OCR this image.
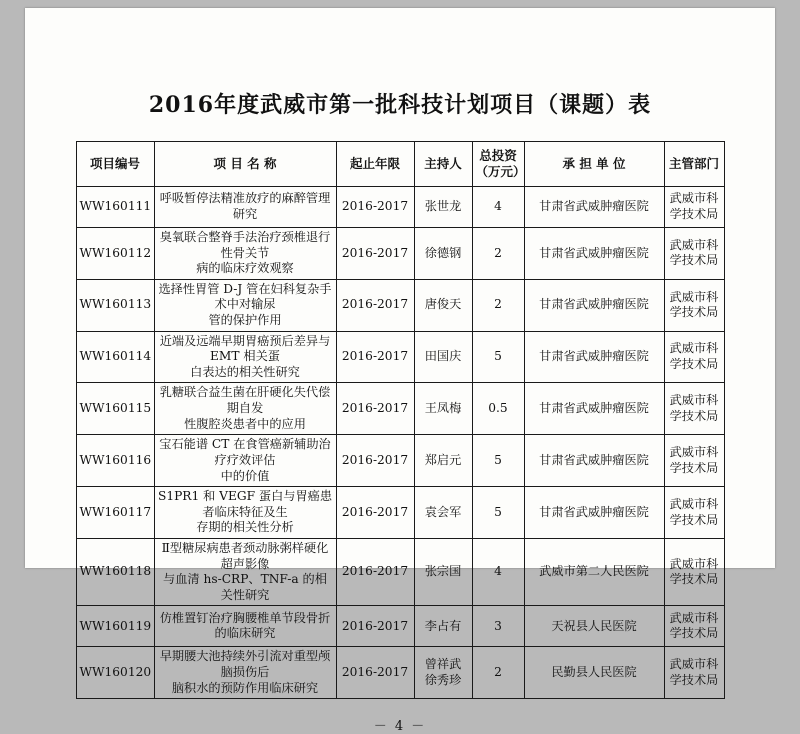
2016年度武威市第一批科技计划项目（课题）表
项目编号	项 目 名 称	起止年限	主持人	总投资
（万元）	承 担 单 位	主管部门
WW160111	呼吸暂停法精准放疗的麻醉管理研究	2016-2017	张世龙	4	甘肃省武威肿瘤医院	武威市科
学技术局

WW160112	臭氧联合整脊手法治疗颈椎退行性骨关节
病的临床疗效观察	2016-2017	徐德钢	2	甘肃省武威肿瘤医院	武威市科
学技术局

WW160113	选择性胃管 D-J 管在妇科复杂手术中对输尿
管的保护作用	2016-2017	唐俊天	2	甘肃省武威肿瘤医院	武威市科
学技术局

WW160114	近端及远端早期胃癌预后差异与 EMT 相关蛋
白表达的相关性研究	2016-2017	田国庆	5	甘肃省武威肿瘤医院	武威市科
学技术局

WW160115	乳糖联合益生菌在肝硬化失代偿期自发
性腹腔炎患者中的应用	2016-2017	王凤梅	0.5	甘肃省武威肿瘤医院	武威市科
学技术局

WW160116	宝石能谱 CT 在食管癌新辅助治疗疗效评估
中的价值	2016-2017	郑启元	5	甘肃省武威肿瘤医院	武威市科
学技术局

WW160117	S1PR1 和 VEGF 蛋白与胃癌患者临床特征及生
存期的相关性分析	2016-2017	袁会军	5	甘肃省武威肿瘤医院	武威市科
学技术局

WW160118	Ⅱ型糖尿病患者颈动脉粥样硬化超声影像
与血清 hs-CRP、TNF-a 的相关性研究	2016-2017	张宗国	4	武威市第二人民医院	武威市科
学技术局

WW160119	仿椎置钉治疗胸腰椎单节段骨折的临床研究	2016-2017	李占有	3	天祝县人民医院	武威市科
学技术局

WW160120	早期腰大池持续外引流对重型颅脑损伤后
脑积水的预防作用临床研究	2016-2017	曾祥武
徐秀珍	2	民勤县人民医院	武威市科
学技术局
－ 4 －
